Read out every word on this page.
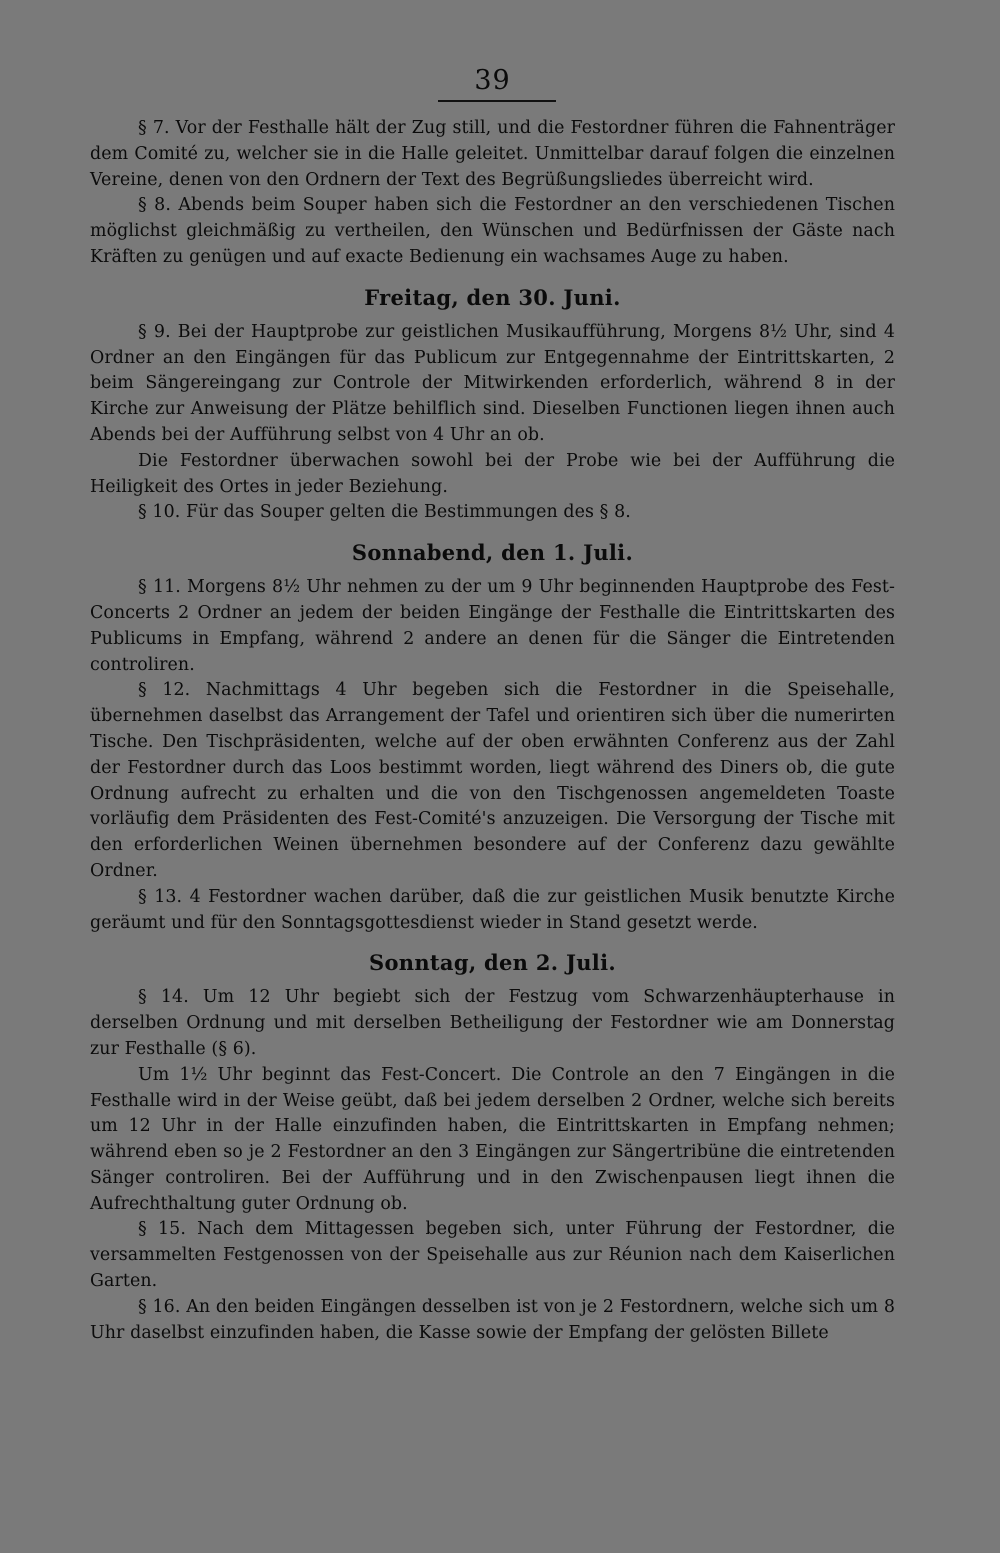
39

§ 7. Vor der Festhalle hält der Zug still, und die Festordner führen die Fahnenträger dem Comité zu, welcher sie in die Halle geleitet. Unmittelbar darauf folgen die einzelnen Vereine, denen von den Ordnern der Text des Begrüßungsliedes überreicht wird.

§ 8. Abends beim Souper haben sich die Festordner an den verschiedenen Tischen möglichst gleichmäßig zu vertheilen, den Wünschen und Bedürfnissen der Gäste nach Kräften zu genügen und auf exacte Bedienung ein wachsames Auge zu haben.

Freitag, den 30. Juni.

§ 9. Bei der Hauptprobe zur geistlichen Musikaufführung, Morgens 8½ Uhr, sind 4 Ordner an den Eingängen für das Publicum zur Entgegennahme der Eintrittskarten, 2 beim Sängereingang zur Controle der Mitwirkenden erforderlich, während 8 in der Kirche zur Anweisung der Plätze behilflich sind. Dieselben Functionen liegen ihnen auch Abends bei der Aufführung selbst von 4 Uhr an ob.

Die Festordner überwachen sowohl bei der Probe wie bei der Aufführung die Heiligkeit des Ortes in jeder Beziehung.

§ 10. Für das Souper gelten die Bestimmungen des § 8.

Sonnabend, den 1. Juli.

§ 11. Morgens 8½ Uhr nehmen zu der um 9 Uhr beginnenden Hauptprobe des Fest-Concerts 2 Ordner an jedem der beiden Eingänge der Festhalle die Eintrittskarten des Publicums in Empfang, während 2 andere an denen für die Sänger die Eintretenden controliren.

§ 12. Nachmittags 4 Uhr begeben sich die Festordner in die Speisehalle, übernehmen daselbst das Arrangement der Tafel und orientiren sich über die numerirten Tische. Den Tischpräsidenten, welche auf der oben erwähnten Conferenz aus der Zahl der Festordner durch das Loos bestimmt worden, liegt während des Diners ob, die gute Ordnung aufrecht zu erhalten und die von den Tischgenossen angemeldeten Toaste vorläufig dem Präsidenten des Fest-Comité's anzuzeigen. Die Versorgung der Tische mit den erforderlichen Weinen übernehmen besondere auf der Conferenz dazu gewählte Ordner.

§ 13. 4 Festordner wachen darüber, daß die zur geistlichen Musik benutzte Kirche geräumt und für den Sonntagsgottesdienst wieder in Stand gesetzt werde.

Sonntag, den 2. Juli.

§ 14. Um 12 Uhr begiebt sich der Festzug vom Schwarzenhäupterhause in derselben Ordnung und mit derselben Betheiligung der Festordner wie am Donnerstag zur Festhalle (§ 6).

Um 1½ Uhr beginnt das Fest-Concert. Die Controle an den 7 Eingängen in die Festhalle wird in der Weise geübt, daß bei jedem derselben 2 Ordner, welche sich bereits um 12 Uhr in der Halle einzufinden haben, die Eintrittskarten in Empfang nehmen; während eben so je 2 Festordner an den 3 Eingängen zur Sängertribüne die eintretenden Sänger controliren. Bei der Aufführung und in den Zwischenpausen liegt ihnen die Aufrechthaltung guter Ordnung ob.

§ 15. Nach dem Mittagessen begeben sich, unter Führung der Festordner, die versammelten Festgenossen von der Speisehalle aus zur Réunion nach dem Kaiserlichen Garten.

§ 16. An den beiden Eingängen desselben ist von je 2 Festordnern, welche sich um 8 Uhr daselbst einzufinden haben, die Kasse sowie der Empfang der gelösten Billete
